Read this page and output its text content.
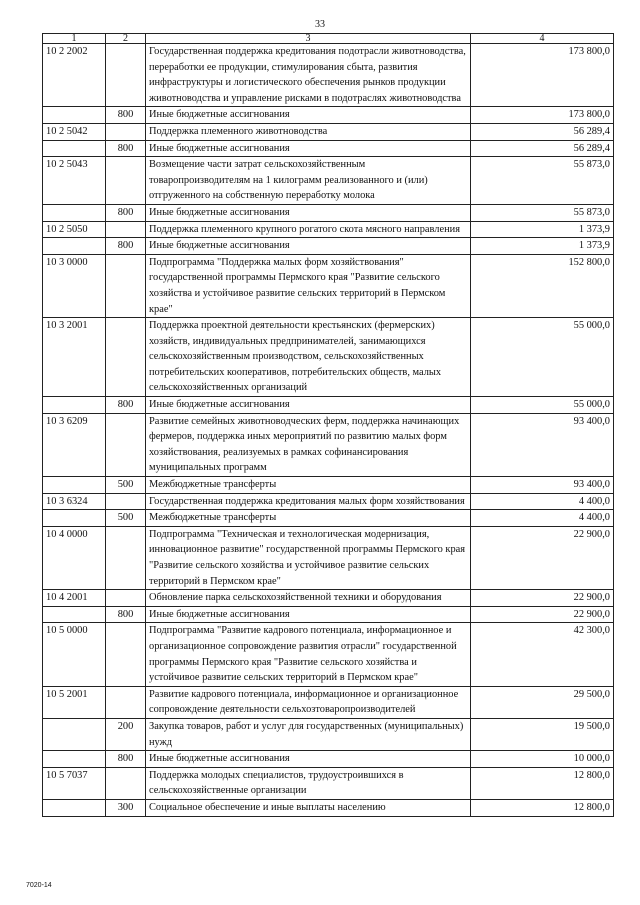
33
1	2	3	4
10 2 2002		Государственная поддержка кредитования подотрасли животноводства, переработки ее продукции, стимулирования сбыта, развития инфраструктуры и логистического обеспечения рынков продукции животноводства и управление рисками в подотраслях животноводства	173 800,0
	800	Иные бюджетные ассигнования	173 800,0
10 2 5042		Поддержка племенного животноводства	56 289,4
	800	Иные бюджетные ассигнования	56 289,4
10 2 5043		Возмещение части затрат сельскохозяйственным товаропроизводителям на 1 килограмм реализованного и (или) отгруженного на собственную переработку молока	55 873,0
	800	Иные бюджетные ассигнования	55 873,0
10 2 5050		Поддержка племенного крупного рогатого скота мясного направления	1 373,9
	800	Иные бюджетные ассигнования	1 373,9
10 3 0000		Подпрограмма "Поддержка малых форм хозяйствования" государственной программы Пермского края "Развитие сельского хозяйства и устойчивое развитие сельских территорий в Пермском крае"	152 800,0
10 3 2001		Поддержка проектной деятельности крестьянских (фермерских) хозяйств, индивидуальных предпринимателей, занимающихся сельскохозяйственным производством, сельскохозяйственных потребительских кооперативов, потребительских обществ, малых сельскохозяйственных организаций	55 000,0
	800	Иные бюджетные ассигнования	55 000,0
10 3 6209		Развитие семейных животноводческих ферм, поддержка начинающих фермеров, поддержка иных мероприятий по развитию малых форм хозяйствования, реализуемых в рамках софинансирования муниципальных программ	93 400,0
	500	Межбюджетные трансферты	93 400,0
10 3 6324		Государственная поддержка кредитования малых форм хозяйствования	4 400,0
	500	Межбюджетные трансферты	4 400,0
10 4 0000		Подпрограмма "Техническая и технологическая модернизация, инновационное развитие" государственной программы Пермского края "Развитие сельского хозяйства и устойчивое развитие сельских территорий в Пермском крае"	22 900,0
10 4 2001		Обновление парка сельскохозяйственной техники и оборудования	22 900,0
	800	Иные бюджетные ассигнования	22 900,0
10 5 0000		Подпрограмма "Развитие кадрового потенциала, информационное и организационное сопровождение развития отрасли" государственной программы Пермского края "Развитие сельского хозяйства и устойчивое развитие сельских территорий в Пермском крае"	42 300,0
10 5 2001		Развитие кадрового потенциала, информационное и организационное сопровождение деятельности сельхозтоваропроизводителей	29 500,0
	200	Закупка товаров, работ и услуг для государственных (муниципальных) нужд	19 500,0
	800	Иные бюджетные ассигнования	10 000,0
10 5 7037		Поддержка молодых специалистов, трудоустроившихся в сельскохозяйственные организации	12 800,0
	300	Социальное обеспечение и иные выплаты населению	12 800,0
7020-14
